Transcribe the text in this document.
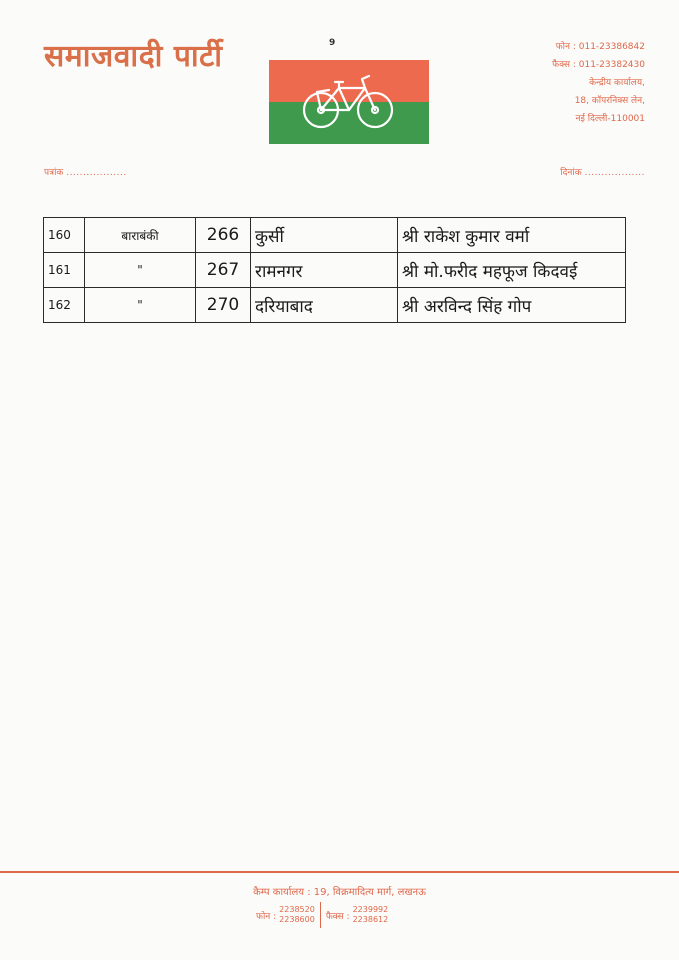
समाजवादी पार्टी	9	फोन : 011-23386842
फैक्स : 011-23382430
केन्द्रीय कार्यालय,
18, कॉपरनिक्स लेन,
नई दिल्ली-110001
पत्रांक ..................	दिनांक ..................
160	बाराबंकी	266	कुर्सी	श्री राकेश कुमार वर्मा
161	"	267	रामनगर	श्री मो.फरीद महफूज किदवई
162	"	270	दरियाबाद	श्री अरविन्द सिंह गोप
कैम्प कार्यालय : 19, विक्रमादित्य मार्ग, लखनऊ
फोन :
2238520
2238600 फैक्स :
2239992
2238612
